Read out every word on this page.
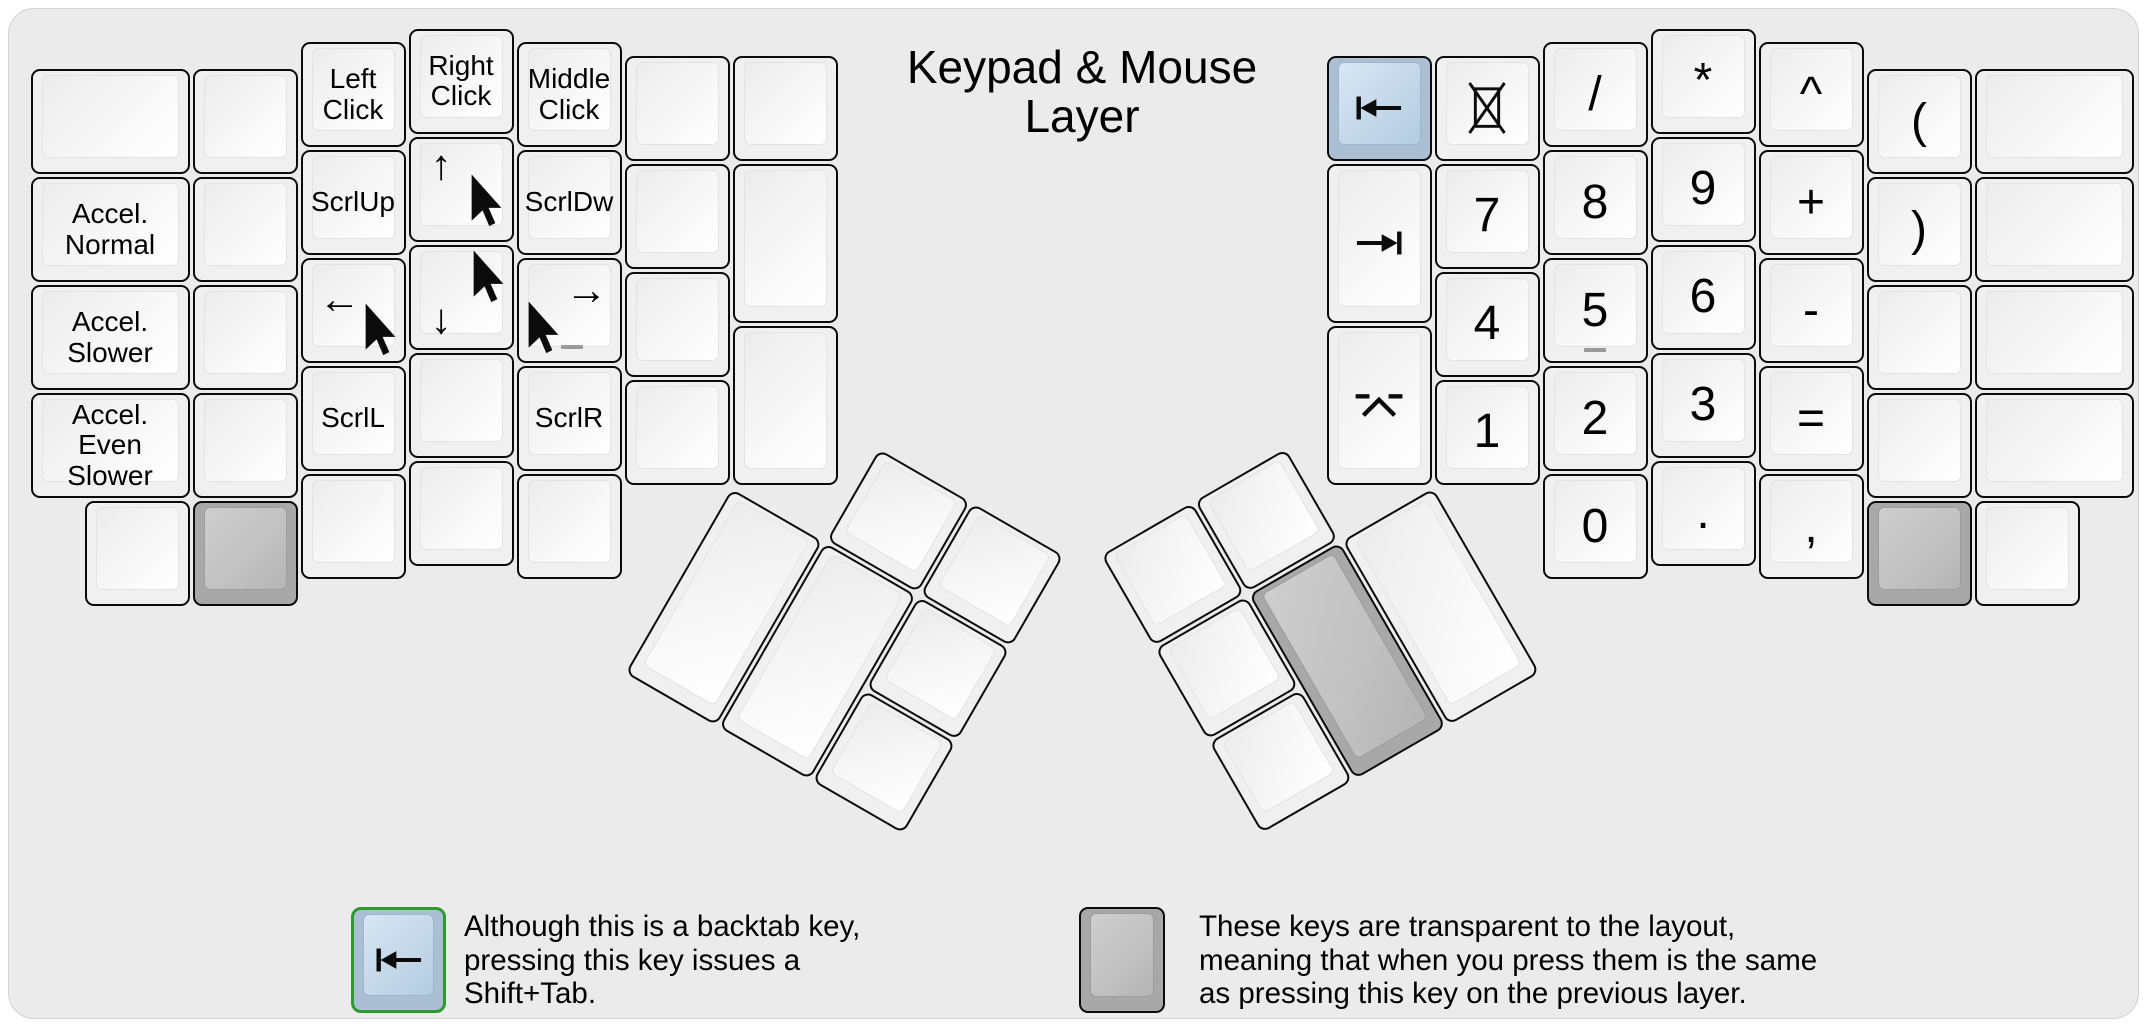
Keypad & Mouse
Layer
Accel.
Normal
Accel.
Slower
Accel.
Even
Slower
Left
Click
ScrlUp
←
ScrlL
Right
Click
↑
↓
Middle
Click
ScrlDw
→
ScrlR
7
4
1
/
8
5
2
0
*
9
6
3
.
^
+
-
=
,
(
)
Although this is a backtab key,
pressing this key issues a
Shift+Tab.
These keys are transparent to the layout,
meaning that when you press them is the same
as pressing this key on the previous layer.
